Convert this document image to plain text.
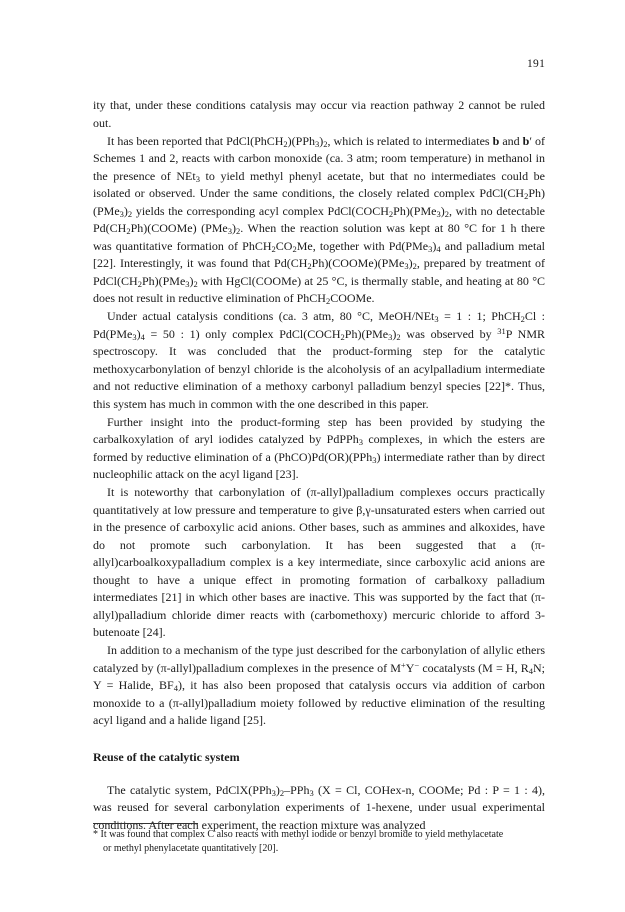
191

ity that, under these conditions catalysis may occur via reaction pathway 2 cannot be ruled out.

It has been reported that $PdCl(PhCH_2)(PPh_3)_2$, which is related to intermediates b and b′ of Schemes 1 and 2, reacts with carbon monoxide (ca. 3 atm; room temperature) in methanol in the presence of NEt$_3$ to yield methyl phenyl acetate, but that no intermediates could be isolated or observed. Under the same conditions, the closely related complex $PdCl(CH_2Ph)(PMe_3)_2$ yields the corresponding acyl complex $PdCl(COCH_2Ph)(PMe_3)_2$, with no detectable $Pd(CH_2Ph)(COOMe)$ $(PMe_3)_2$. When the reaction solution was kept at 80 °C for 1 h there was quantitative formation of $PhCH_2CO_2Me$, together with $Pd(PMe_3)_4$ and palladium metal [22]. Interestingly, it was found that $Pd(CH_2Ph)(COOMe)(PMe_3)_2$, prepared by treatment of $PdCl(CH_2Ph)(PMe_3)_2$ with HgCl(COOMe) at 25 °C, is thermally stable, and heating at 80 °C does not result in reductive elimination of PhCH$_2$COOMe.

Under actual catalysis conditions (ca. 3 atm, 80 °C, MeOH/NEt$_3$ = 1 : 1; PhCH$_2$Cl : $Pd(PMe_3)_4 = 50$ : 1) only complex $PdCl(COCH_2Ph)(PMe_3)_2$ was observed by $^{31}$P NMR spectroscopy. It was concluded that the product-forming step for the catalytic methoxycarbonylation of benzyl chloride is the alcoholysis of an acylpalladium intermediate and not reductive elimination of a methoxy carbonyl palladium benzyl species [22]*. Thus, this system has much in common with the one described in this paper.

Further insight into the product-forming step has been provided by studying the carbalkoxylation of aryl iodides catalyzed by PdPPh$_3$ complexes, in which the esters are formed by reductive elimination of a (PhCO)Pd(OR)(PPh$_3$) intermediate rather than by direct nucleophilic attack on the acyl ligand [23].

It is noteworthy that carbonylation of (π-allyl)palladium complexes occurs practically quantitatively at low pressure and temperature to give β,γ-unsaturated esters when carried out in the presence of carboxylic acid anions. Other bases, such as ammines and alkoxides, have do not promote such carbonylation. It has been suggested that a (π-allyl)carboalkoxypalladium complex is a key intermediate, since carboxylic acid anions are thought to have a unique effect in promoting formation of carbalkoxy palladium intermediates [21] in which other bases are inactive. This was supported by the fact that (π-allyl)palladium chloride dimer reacts with (carbomethoxy) mercuric chloride to afford 3-butenoate [24].

In addition to a mechanism of the type just described for the carbonylation of allylic ethers catalyzed by (π-allyl)palladium complexes in the presence of M+Y− cocatalysts (M = H, $R_4N$; Y = Halide, $BF_4$), it has also been proposed that catalysis occurs via addition of carbon monoxide to a (π-allyl)palladium moiety followed by reductive elimination of the resulting acyl ligand and a halide ligand [25].

Reuse of the catalytic system

The catalytic system, $PdClX(PPh_3)_2-PPh_3$ (X = Cl, COHex-n, COOMe; Pd : P = 1 : 4), was reused for several carbonylation experiments of 1-hexene, under usual experimental conditions. After each experiment, the reaction mixture was analyzed

* It was found that complex C also reacts with methyl iodide or benzyl bromide to yield methylacetate
or methyl phenylacetate quantitatively [20].
